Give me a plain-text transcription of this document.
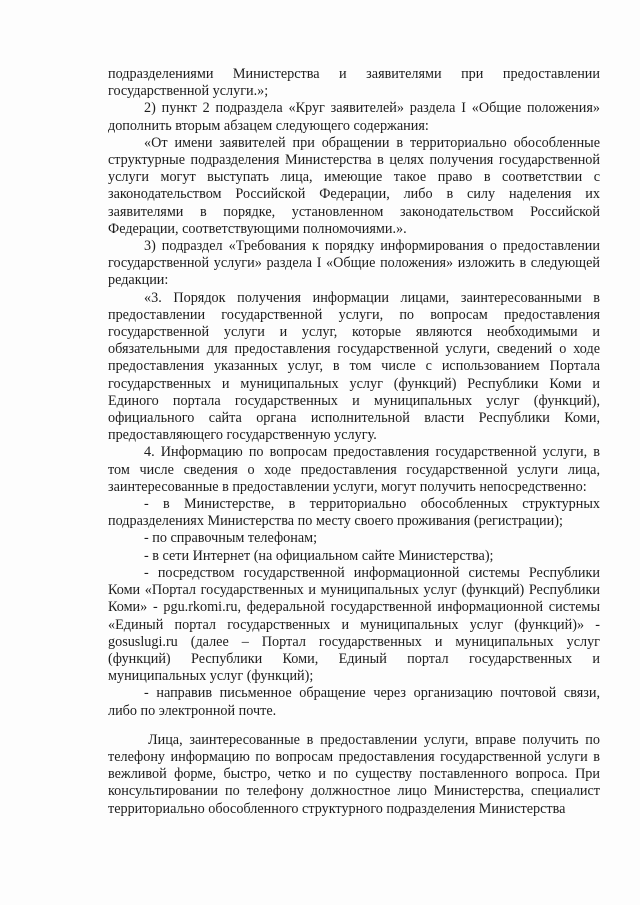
подразделениями Министерства и заявителями при предоставлении государственной услуги.»;

2) пункт 2 подраздела «Круг заявителей» раздела I «Общие положения» дополнить вторым абзацем следующего содержания:

«От имени заявителей при обращении в территориально обособленные структурные подразделения Министерства в целях получения государственной услуги могут выступать лица, имеющие такое право в соответствии с законодательством Российской Федерации, либо в силу наделения их заявителями в порядке, установленном законодательством Российской Федерации, соответствующими полномочиями.».

3) подраздел «Требования к порядку информирования о предоставлении государственной услуги» раздела I «Общие положения» изложить в следующей редакции:

«3. Порядок получения информации лицами, заинтересованными в предоставлении государственной услуги, по вопросам предоставления государственной услуги и услуг, которые являются необходимыми и обязательными для предоставления государственной услуги, сведений о ходе предоставления указанных услуг, в том числе с использованием Портала государственных и муниципальных услуг (функций) Республики Коми и Единого портала государственных и муниципальных услуг (функций), официального сайта органа исполнительной власти Республики Коми, предоставляющего государственную услугу.

4. Информацию по вопросам предоставления государственной услуги, в том числе сведения о ходе предоставления государственной услуги лица, заинтересованные в предоставлении услуги, могут получить непосредственно:

- в Министерстве, в территориально обособленных структурных подразделениях Министерства по месту своего проживания (регистрации);

- по справочным телефонам;

- в сети Интернет (на официальном сайте Министерства);

- посредством государственной информационной системы Республики Коми «Портал государственных и муниципальных услуг (функций) Республики Коми» - pgu.rkomi.ru, федеральной государственной информационной системы «Единый портал государственных и муниципальных услуг (функций)» - gosuslugi.ru (далее – Портал государственных и муниципальных услуг (функций) Республики Коми, Единый портал государственных и муниципальных услуг (функций);

- направив письменное обращение через организацию почтовой связи, либо по электронной почте.

Лица, заинтересованные в предоставлении услуги, вправе получить по телефону информацию по вопросам предоставления государственной услуги в вежливой форме, быстро, четко и по существу поставленного вопроса. При консультировании по телефону должностное лицо Министерства, специалист территориально обособленного структурного подразделения Министерства
